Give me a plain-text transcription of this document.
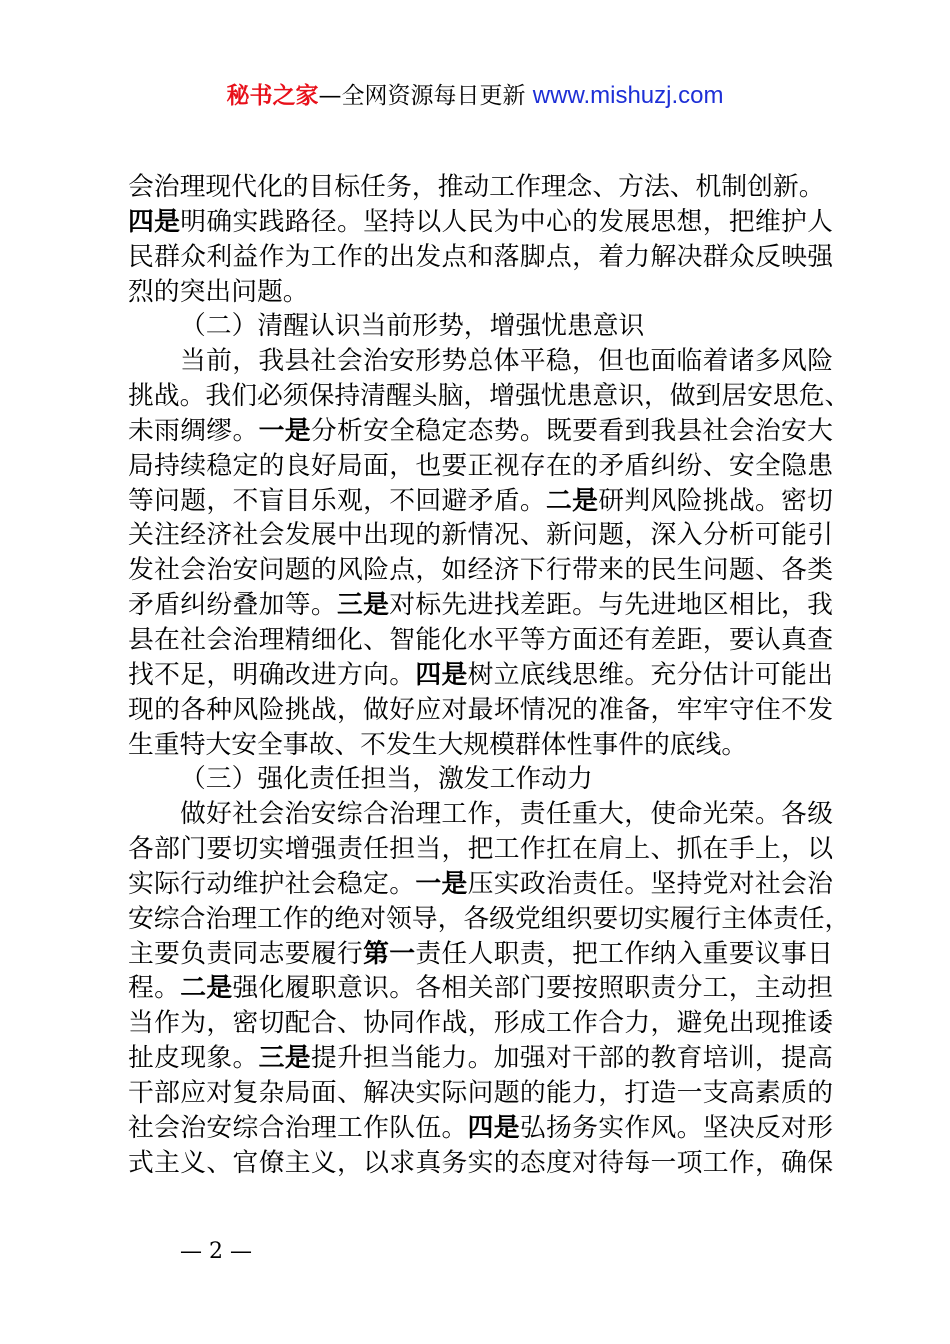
秘书之家—全网资源每日更新 www.mishuzj.com
会治理现代化的目标任务，推动工作理念、方法、机制创新。
四是明确实践路径。坚持以人民为中心的发展思想，把维护人
民群众利益作为工作的出发点和落脚点，着力解决群众反映强
烈的突出问题。
（二）清醒认识当前形势，增强忧患意识
当前，我县社会治安形势总体平稳，但也面临着诸多风险
挑战。我们必须保持清醒头脑，增强忧患意识，做到居安思危、
未雨绸缪。一是分析安全稳定态势。既要看到我县社会治安大
局持续稳定的良好局面，也要正视存在的矛盾纠纷、安全隐患
等问题，不盲目乐观，不回避矛盾。二是研判风险挑战。密切
关注经济社会发展中出现的新情况、新问题，深入分析可能引
发社会治安问题的风险点，如经济下行带来的民生问题、各类
矛盾纠纷叠加等。三是对标先进找差距。与先进地区相比，我
县在社会治理精细化、智能化水平等方面还有差距，要认真查
找不足，明确改进方向。四是树立底线思维。充分估计可能出
现的各种风险挑战，做好应对最坏情况的准备，牢牢守住不发
生重特大安全事故、不发生大规模群体性事件的底线。
（三）强化责任担当，激发工作动力
做好社会治安综合治理工作，责任重大，使命光荣。各级
各部门要切实增强责任担当，把工作扛在肩上、抓在手上，以
实际行动维护社会稳定。一是压实政治责任。坚持党对社会治
安综合治理工作的绝对领导，各级党组织要切实履行主体责任，
主要负责同志要履行第一责任人职责，把工作纳入重要议事日
程。二是强化履职意识。各相关部门要按照职责分工，主动担
当作为，密切配合、协同作战，形成工作合力，避免出现推诿
扯皮现象。三是提升担当能力。加强对干部的教育培训，提高
干部应对复杂局面、解决实际问题的能力，打造一支高素质的
社会治安综合治理工作队伍。四是弘扬务实作风。坚决反对形
式主义、官僚主义，以求真务实的态度对待每一项工作，确保
— 2 —
